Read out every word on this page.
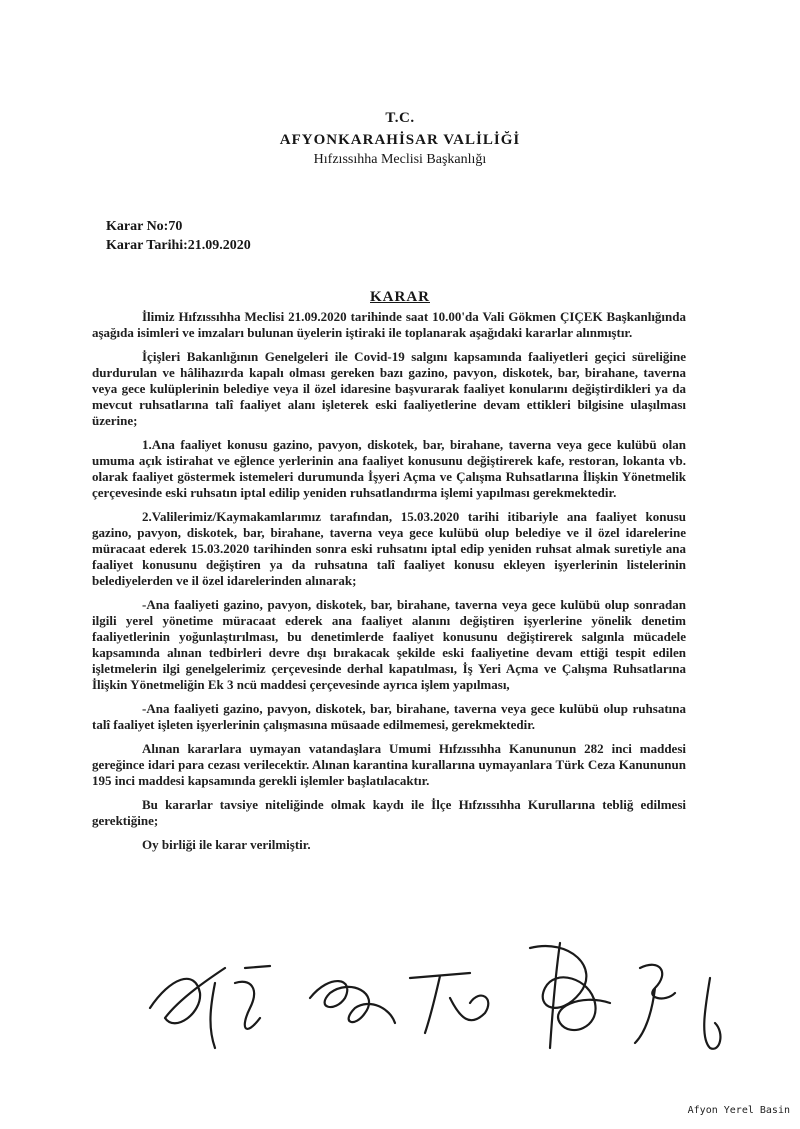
T.C.
AFYONKARAHİSAR VALİLİĞİ
Hıfzıssıhha Meclisi Başkanlığı
Karar No:70
Karar Tarihi:21.09.2020
KARAR

İlimiz Hıfzıssıhha Meclisi 21.09.2020 tarihinde saat 10.00'da Vali Gökmen ÇIÇEK Başkanlığında aşağıda isimleri ve imzaları bulunan üyelerin iştiraki ile toplanarak aşağıdaki kararlar alınmıştır.

İçişleri Bakanlığının Genelgeleri ile Covid-19 salgını kapsamında faaliyetleri geçici süreliğine durdurulan ve hâlihazırda kapalı olması gereken bazı gazino, pavyon, diskotek, bar, birahane, taverna veya gece kulüplerinin belediye veya il özel idaresine başvurarak faaliyet konularını değiştirdikleri ya da mevcut ruhsatlarına talî faaliyet alanı işleterek eski faaliyetlerine devam ettikleri bilgisine ulaşılması üzerine;

1.Ana faaliyet konusu gazino, pavyon, diskotek, bar, birahane, taverna veya gece kulübü olan umuma açık istirahat ve eğlence yerlerinin ana faaliyet konusunu değiştirerek kafe, restoran, lokanta vb. olarak faaliyet göstermek istemeleri durumunda İşyeri Açma ve Çalışma Ruhsatlarına İlişkin Yönetmelik çerçevesinde eski ruhsatın iptal edilip yeniden ruhsatlandırma işlemi yapılması gerekmektedir.

2.Valilerimiz/Kaymakamlarımız tarafından, 15.03.2020 tarihi itibariyle ana faaliyet konusu gazino, pavyon, diskotek, bar, birahane, taverna veya gece kulübü olup belediye ve il özel idarelerine müracaat ederek 15.03.2020 tarihinden sonra eski ruhsatını iptal edip yeniden ruhsat almak suretiyle ana faaliyet konusunu değiştiren ya da ruhsatına talî faaliyet konusu ekleyen işyerlerinin listelerinin belediyelerden ve il özel idarelerinden alınarak;

-Ana faaliyeti gazino, pavyon, diskotek, bar, birahane, taverna veya gece kulübü olup sonradan ilgili yerel yönetime müracaat ederek ana faaliyet alanını değiştiren işyerlerine yönelik denetim faaliyetlerinin yoğunlaştırılması, bu denetimlerde faaliyet konusunu değiştirerek salgınla mücadele kapsamında alınan tedbirleri devre dışı bırakacak şekilde eski faaliyetine devam ettiği tespit edilen işletmelerin ilgi genelgelerimiz çerçevesinde derhal kapatılması, İş Yeri Açma ve Çalışma Ruhsatlarına İlişkin Yönetmeliğin Ek 3 ncü maddesi çerçevesinde ayrıca işlem yapılması,

-Ana faaliyeti gazino, pavyon, diskotek, bar, birahane, taverna veya gece kulübü olup ruhsatına talî faaliyet işleten işyerlerinin çalışmasına müsaade edilmemesi, gerekmektedir.

Alınan kararlara uymayan vatandaşlara Umumi Hıfzıssıhha Kanununun 282 inci maddesi gereğince idari para cezası verilecektir. Alınan karantina kurallarına uymayanlara Türk Ceza Kanununun 195 inci maddesi kapsamında gerekli işlemler başlatılacaktır.

Bu kararlar tavsiye niteliğinde olmak kaydı ile İlçe Hıfzıssıhha Kurullarına tebliğ edilmesi gerektiğine;

Oy birliği ile karar verilmiştir.

Afyon Yerel Basin
